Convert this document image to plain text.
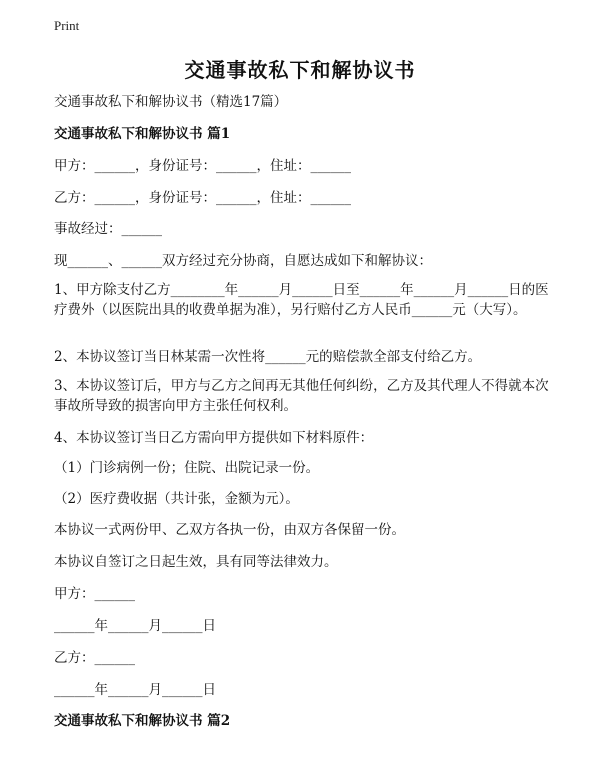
Print
交通事故私下和解协议书
交通事故私下和解协议书（精选17篇）
交通事故私下和解协议书 篇1
甲方：______，身份证号：______，住址：______
乙方：______，身份证号：______，住址：______
事故经过：______
现______、______双方经过充分协商，自愿达成如下和解协议：
1、甲方除支付乙方________年______月______日至______年______月______日的医疗费外（以医院出具的收费单据为准），另行赔付乙方人民币______元（大写）。
2、本协议签订当日林某需一次性将______元的赔偿款全部支付给乙方。
3、本协议签订后，甲方与乙方之间再无其他任何纠纷，乙方及其代理人不得就本次事故所导致的损害向甲方主张任何权利。
4、本协议签订当日乙方需向甲方提供如下材料原件：
（1）门诊病例一份；住院、出院记录一份。
（2）医疗费收据（共计张，金额为元）。
本协议一式两份甲、乙双方各执一份，由双方各保留一份。
本协议自签订之日起生效，具有同等法律效力。
甲方：______
______年______月______日
乙方：______
______年______月______日
交通事故私下和解协议书 篇2
